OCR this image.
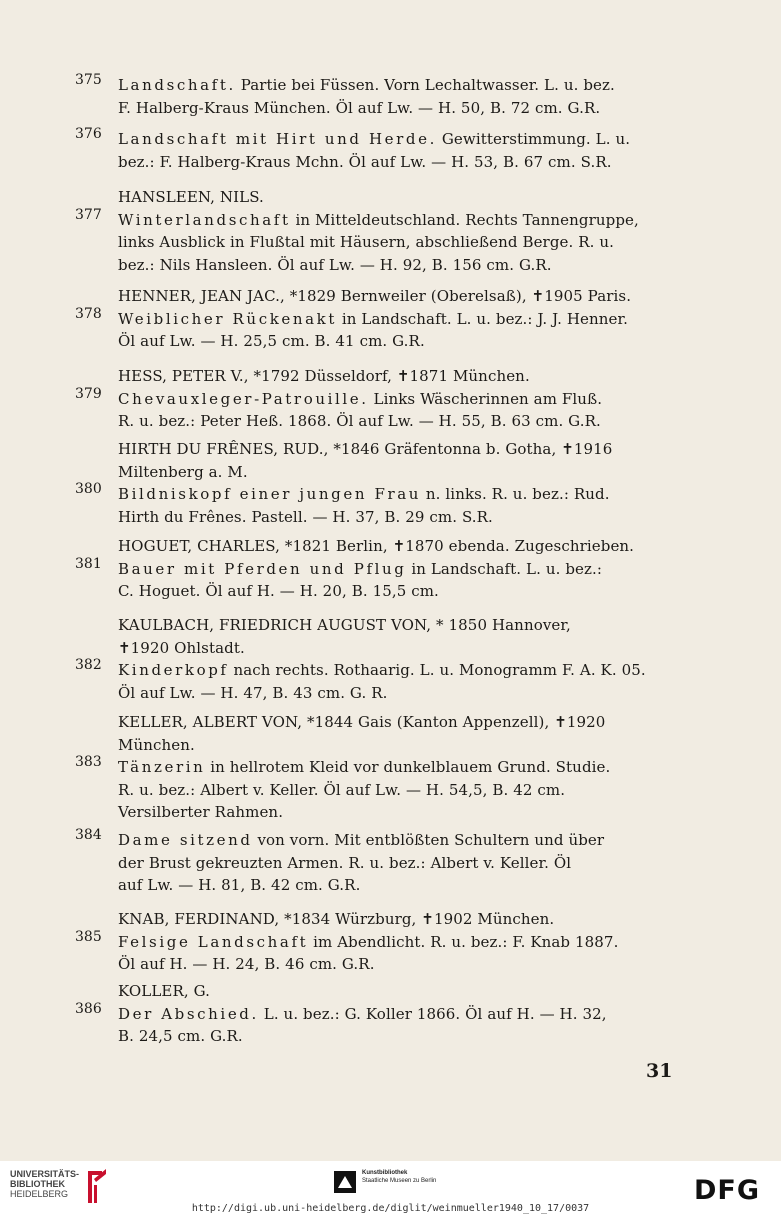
375 Landschaft. Partie bei Füssen. Vorn Lechaltwasser. L. u. bez.
F. Halberg-Kraus München. Öl auf Lw. — H. 50, B. 72 cm. G.R.
376 Landschaft mit Hirt und Herde. Gewitterstimmung. L. u.
bez.: F. Halberg-Kraus Mchn. Öl auf Lw. — H. 53, B. 67 cm. S.R.
HANSLEEN, NILS.
377 Winterlandschaft in Mitteldeutschland. Rechts Tannengruppe,
links Ausblick in Flußtal mit Häusern, abschließend Berge. R. u.
bez.: Nils Hansleen. Öl auf Lw. — H. 92, B. 156 cm. G.R.
HENNER, JEAN JAC., *1829 Bernweiler (Oberelsaß), ✝1905 Paris.
378 Weiblicher Rückenakt in Landschaft. L. u. bez.: J. J. Henner.
Öl auf Lw. — H. 25,5 cm. B. 41 cm. G.R.
HESS, PETER V., *1792 Düsseldorf, ✝1871 München.
379 Chevauxleger-Patrouille. Links Wäscherinnen am Fluß.
R. u. bez.: Peter Heß. 1868. Öl auf Lw. — H. 55, B. 63 cm. G.R.
HIRTH DU FRÊNES, RUD., *1846 Gräfentonna b. Gotha, ✝1916
Miltenberg a. M.
380 Bildniskopf einer jungen Frau n. links. R. u. bez.: Rud.
Hirth du Frênes. Pastell. — H. 37, B. 29 cm. S.R.
HOGUET, CHARLES, *1821 Berlin, ✝1870 ebenda. Zugeschrieben.
381 Bauer mit Pferden und Pflug in Landschaft. L. u. bez.:
C. Hoguet. Öl auf H. — H. 20, B. 15,5 cm.
KAULBACH, FRIEDRICH AUGUST VON, * 1850 Hannover,
✝1920 Ohlstadt.
382 Kinderkopf nach rechts. Rothaarig. L. u. Monogramm F. A. K. 05.
Öl auf Lw. — H. 47, B. 43 cm. G. R.
KELLER, ALBERT VON, *1844 Gais (Kanton Appenzell), ✝1920
München.
383 Tänzerin in hellrotem Kleid vor dunkelblauem Grund. Studie.
R. u. bez.: Albert v. Keller. Öl auf Lw. — H. 54,5, B. 42 cm.
Versilberter Rahmen.
384 Dame sitzend von vorn. Mit entblößten Schultern und über
der Brust gekreuzten Armen. R. u. bez.: Albert v. Keller. Öl
auf Lw. — H. 81, B. 42 cm. G.R.
KNAB, FERDINAND, *1834 Würzburg, ✝1902 München.
385 Felsige Landschaft im Abendlicht. R. u. bez.: F. Knab 1887.
Öl auf H. — H. 24, B. 46 cm. G.R.
KOLLER, G.
386 Der Abschied. L. u. bez.: G. Koller 1866. Öl auf H. — H. 32,
B. 24,5 cm. G.R.
31
UNIVERSITÄTS-
BIBLIOTHEK
HEIDELBERG
Kunstbibliothek
Staatliche Museen zu Berlin	DFG
http://digi.ub.uni-heidelberg.de/diglit/weinmueller1940_10_17/0037
